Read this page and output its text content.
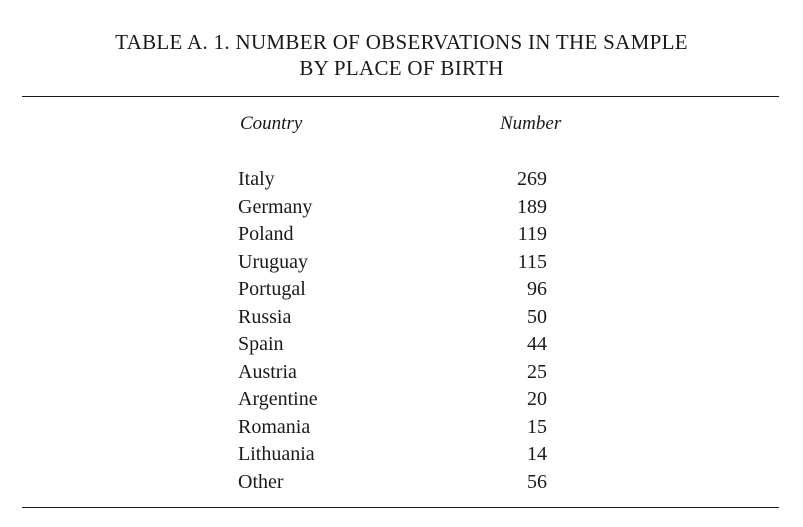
TABLE A. 1. NUMBER OF OBSERVATIONS IN THE SAMPLE
BY PLACE OF BIRTH
Country	Number
Italy	269
Germany	189
Poland	119
Uruguay	115
Portugal	96
Russia	50
Spain	44
Austria	25
Argentine	20
Romania	15
Lithuania	14
Other	56
